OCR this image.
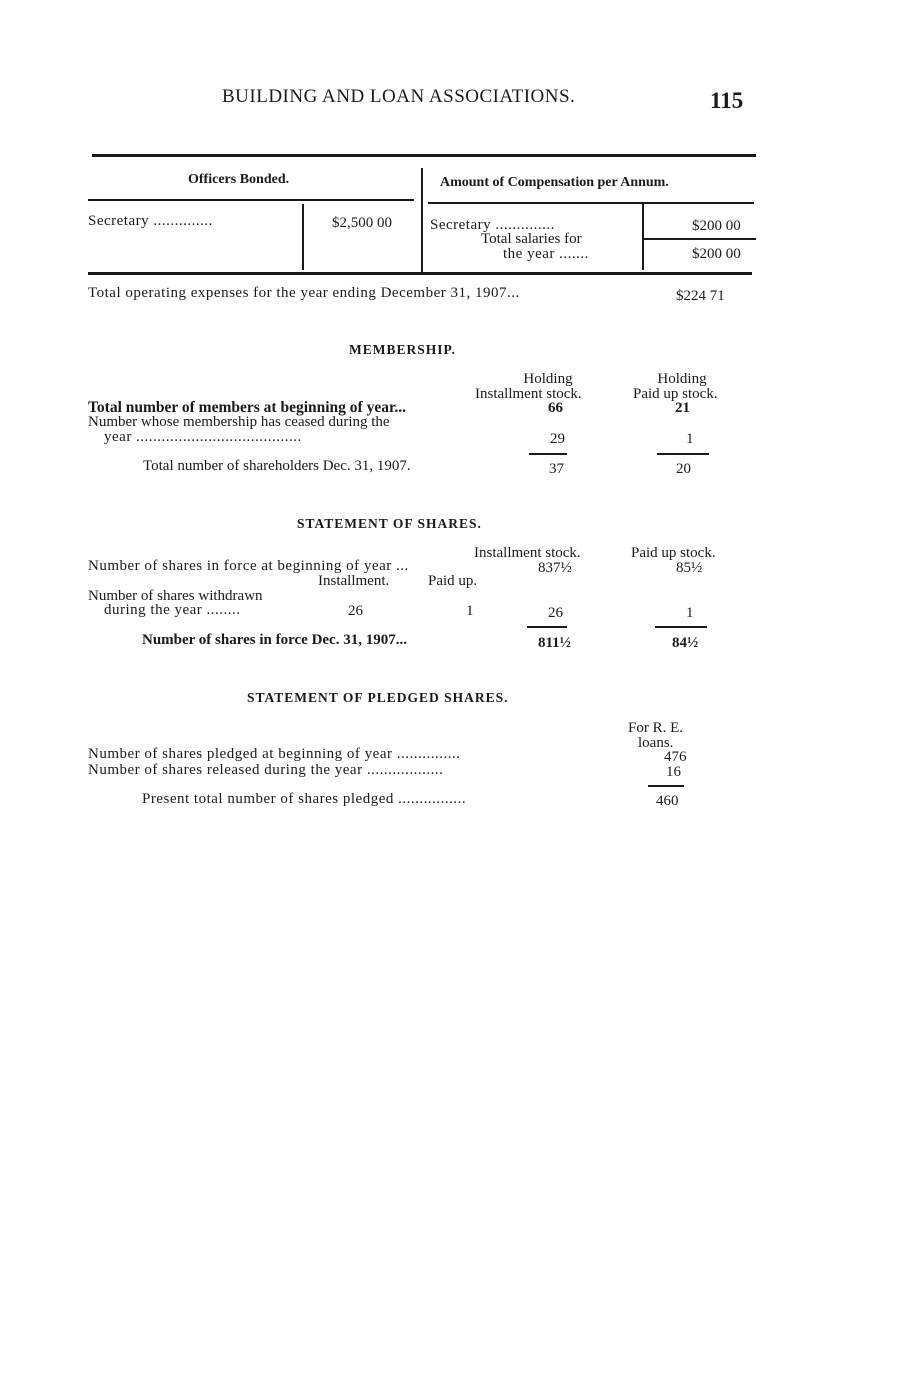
BUILDING AND LOAN ASSOCIATIONS.	115
Officers Bonded.	Amount of Compensation per Annum.
Secretary ..............	$2,500 00	Secretary ..............	$200 00
Total salaries for
the year .......	$200 00
Total operating expenses for the year ending December 31, 1907...	$224 71
MEMBERSHIP.
Holding
Installment stock.
Holding
Paid up stock.
Total number of members at beginning of year...	66	21
Number whose membership has ceased during the
year .......................................	29	1
Total number of shareholders Dec. 31, 1907.	37	20
STATEMENT OF SHARES.
Installment stock.	Paid up stock.
Number of shares in force at beginning of year ...	837½	85½
Installment.	Paid up.
Number of shares withdrawn
during the year ........	26	1	26	1
Number of shares in force Dec. 31, 1907...	811½	84½
STATEMENT OF PLEDGED SHARES.
For R. E.
loans.
Number of shares pledged at beginning of year ...............	476
Number of shares released during the year ..................	16
Present total number of shares pledged ................	460
